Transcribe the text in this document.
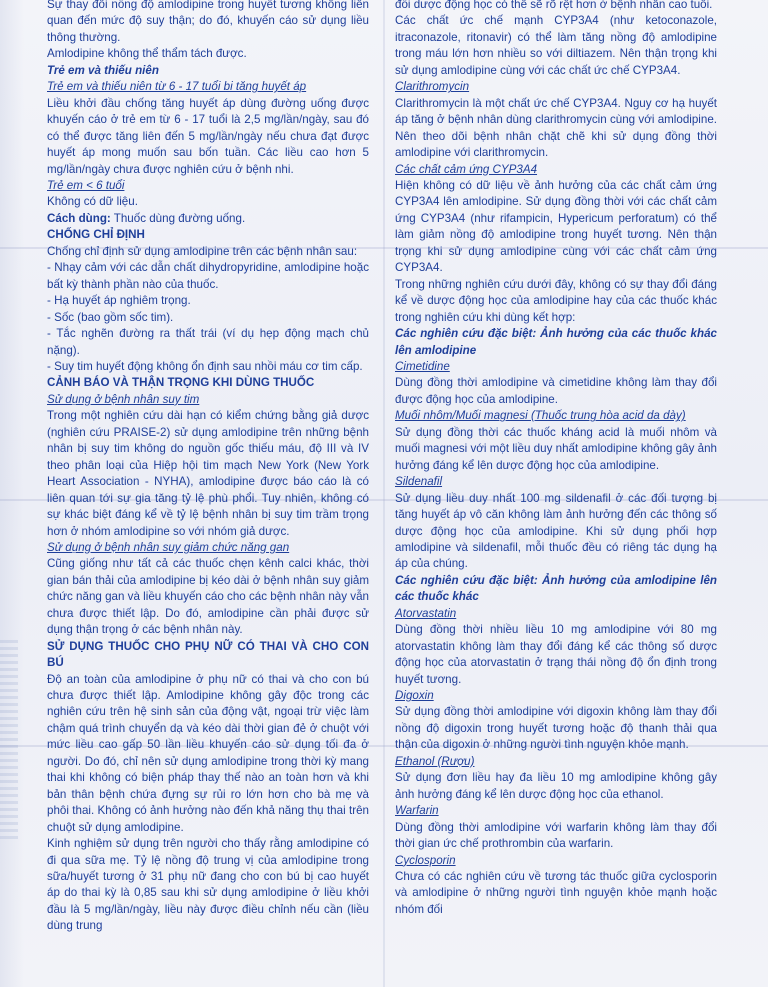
Sự thay đổi nồng độ amlodipine trong huyết tương không liên quan đến mức độ suy thận; do đó, khuyến cáo sử dụng liều thông thường.

Amlodipine không thể thẩm tách được.

Trẻ em và thiếu niên

Trẻ em và thiếu niên từ 6 - 17 tuổi bị tăng huyết áp

Liều khởi đầu chống tăng huyết áp dùng đường uống được khuyến cáo ở trẻ em từ 6 - 17 tuổi là 2,5 mg/lần/ngày, sau đó có thể được tăng liên đến 5 mg/lần/ngày nếu chưa đạt được huyết áp mong muốn sau bốn tuần. Các liều cao hơn 5 mg/lần/ngày chưa được nghiên cứu ở bệnh nhi.

Trẻ em < 6 tuổi

Không có dữ liệu.

Cách dùng: Thuốc dùng đường uống.

CHỐNG CHỈ ĐỊNH

Chống chỉ định sử dụng amlodipine trên các bệnh nhân sau:

- Nhạy cảm với các dẫn chất dihydropyridine, amlodipine hoặc bất kỳ thành phần nào của thuốc.

- Hạ huyết áp nghiêm trọng.

- Sốc (bao gồm sốc tim).

- Tắc nghẽn đường ra thất trái (ví dụ hẹp động mạch chủ nặng).

- Suy tim huyết động không ổn định sau nhồi máu cơ tim cấp.

CẢNH BÁO VÀ THẬN TRỌNG KHI DÙNG THUỐC

Sử dụng ở bệnh nhân suy tim

Trong một nghiên cứu dài hạn có kiểm chứng bằng giả dược (nghiên cứu PRAISE-2) sử dụng amlodipine trên những bệnh nhân bị suy tim không do nguồn gốc thiếu máu, độ III và IV theo phân loại của Hiệp hội tim mạch New York (New York Heart Association - NYHA), amlodipine được báo cáo là có liên quan tới sự gia tăng tỷ lệ phù phổi. Tuy nhiên, không có sự khác biệt đáng kể về tỷ lệ bệnh nhân bị suy tim trầm trọng hơn ở nhóm amlodipine so với nhóm giả dược.

Sử dụng ở bệnh nhân suy giảm chức năng gan

Cũng giống như tất cả các thuốc chẹn kênh calci khác, thời gian bán thải của amlodipine bị kéo dài ở bệnh nhân suy giảm chức năng gan và liều khuyến cáo cho các bệnh nhân này vẫn chưa được thiết lập. Do đó, amlodipine cần phải được sử dụng thận trọng ở các bệnh nhân này.

SỬ DỤNG THUỐC CHO PHỤ NỮ CÓ THAI VÀ CHO CON BÚ

Độ an toàn của amlodipine ở phụ nữ có thai và cho con bú chưa được thiết lập. Amlodipine không gây độc trong các nghiên cứu trên hệ sinh sản của động vật, ngoại trừ việc làm chậm quá trình chuyển dạ và kéo dài thời gian đẻ ở chuột với mức liều cao gấp 50 lần liều khuyến cáo sử dụng tối đa ở người. Do đó, chỉ nên sử dụng amlodipine trong thời kỳ mang thai khi không có biện pháp thay thế nào an toàn hơn và khi bản thân bệnh chứa đựng sự rủi ro lớn hơn cho bà mẹ và phôi thai. Không có ảnh hưởng nào đến khả năng thụ thai trên chuột sử dụng amlodipine.

Kinh nghiệm sử dụng trên người cho thấy rằng amlodipine có đi qua sữa mẹ. Tỷ lệ nồng độ trung vị của amlodipine trong sữa/huyết tương ở 31 phụ nữ đang cho con bú bị cao huyết áp do thai kỳ là 0,85 sau khi sử dụng amlodipine ở liều khởi đầu là 5 mg/lần/ngày, liều này được điều chỉnh nếu cần (liều dùng trung

đồi dược động học có thể sẽ rõ rệt hơn ở bệnh nhân cao tuổi.

Các chất ức chế mạnh CYP3A4 (như ketoconazole, itraconazole, ritonavir) có thể làm tăng nồng độ amlodipine trong máu lớn hơn nhiều so với diltiazem. Nên thận trọng khi sử dụng amlodipine cùng với các chất ức chế CYP3A4.

Clarithromycin

Clarithromycin là một chất ức chế CYP3A4. Nguy cơ hạ huyết áp tăng ở bệnh nhân dùng clarithromycin cùng với amlodipine. Nên theo dõi bệnh nhân chặt chẽ khi sử dụng đồng thời amlodipine với clarithromycin.

Các chất cảm ứng CYP3A4

Hiện không có dữ liệu về ảnh hưởng của các chất cảm ứng CYP3A4 lên amlodipine. Sử dụng đồng thời với các chất cảm ứng CYP3A4 (như rifampicin, Hypericum perforatum) có thể làm giảm nồng độ amlodipine trong huyết tương. Nên thận trọng khi sử dụng amlodipine cùng với các chất cảm ứng CYP3A4.

Trong những nghiên cứu dưới đây, không có sự thay đổi đáng kể về dược động học của amlodipine hay của các thuốc khác trong nghiên cứu khi dùng kết hợp:

Các nghiên cứu đặc biệt: Ảnh hưởng của các thuốc khác lên amlodipine

Cimetidine

Dùng đồng thời amlodipine và cimetidine không làm thay đổi được động học của amlodipine.

Muối nhôm/Muối magnesi (Thuốc trung hòa acid dạ dày)

Sử dụng đồng thời các thuốc kháng acid là muối nhôm và muối magnesi với một liều duy nhất amlodipine không gây ảnh hưởng đáng kể lên dược động học của amlodipine.

Sildenafil

Sử dụng liều duy nhất 100 mg sildenafil ở các đối tượng bị tăng huyết áp vô căn không làm ảnh hưởng đến các thông số dược động học của amlodipine. Khi sử dụng phối hợp amlodipine và sildenafil, mỗi thuốc đều có riêng tác dụng hạ áp của chúng.

Các nghiên cứu đặc biệt: Ảnh hưởng của amlodipine lên các thuốc khác

Atorvastatin

Dùng đồng thời nhiều liều 10 mg amlodipine với 80 mg atorvastatin không làm thay đổi đáng kể các thông số dược động học của atorvastatin ở trạng thái nồng độ ổn định trong huyết tương.

Digoxin

Sử dụng đồng thời amlodipine với digoxin không làm thay đổi nồng độ digoxin trong huyết tương hoặc độ thanh thải qua thận của digoxin ở những người tình nguyện khỏe mạnh.

Ethanol (Rượu)

Sử dụng đơn liều hay đa liều 10 mg amlodipine không gây ảnh hưởng đáng kể lên dược động học của ethanol.

Warfarin

Dùng đồng thời amlodipine với warfarin không làm thay đổi thời gian ức chế prothrombin của warfarin.

Cyclosporin

Chưa có các nghiên cứu về tương tác thuốc giữa cyclosporin và amlodipine ở những người tình nguyện khỏe mạnh hoặc nhóm đối
